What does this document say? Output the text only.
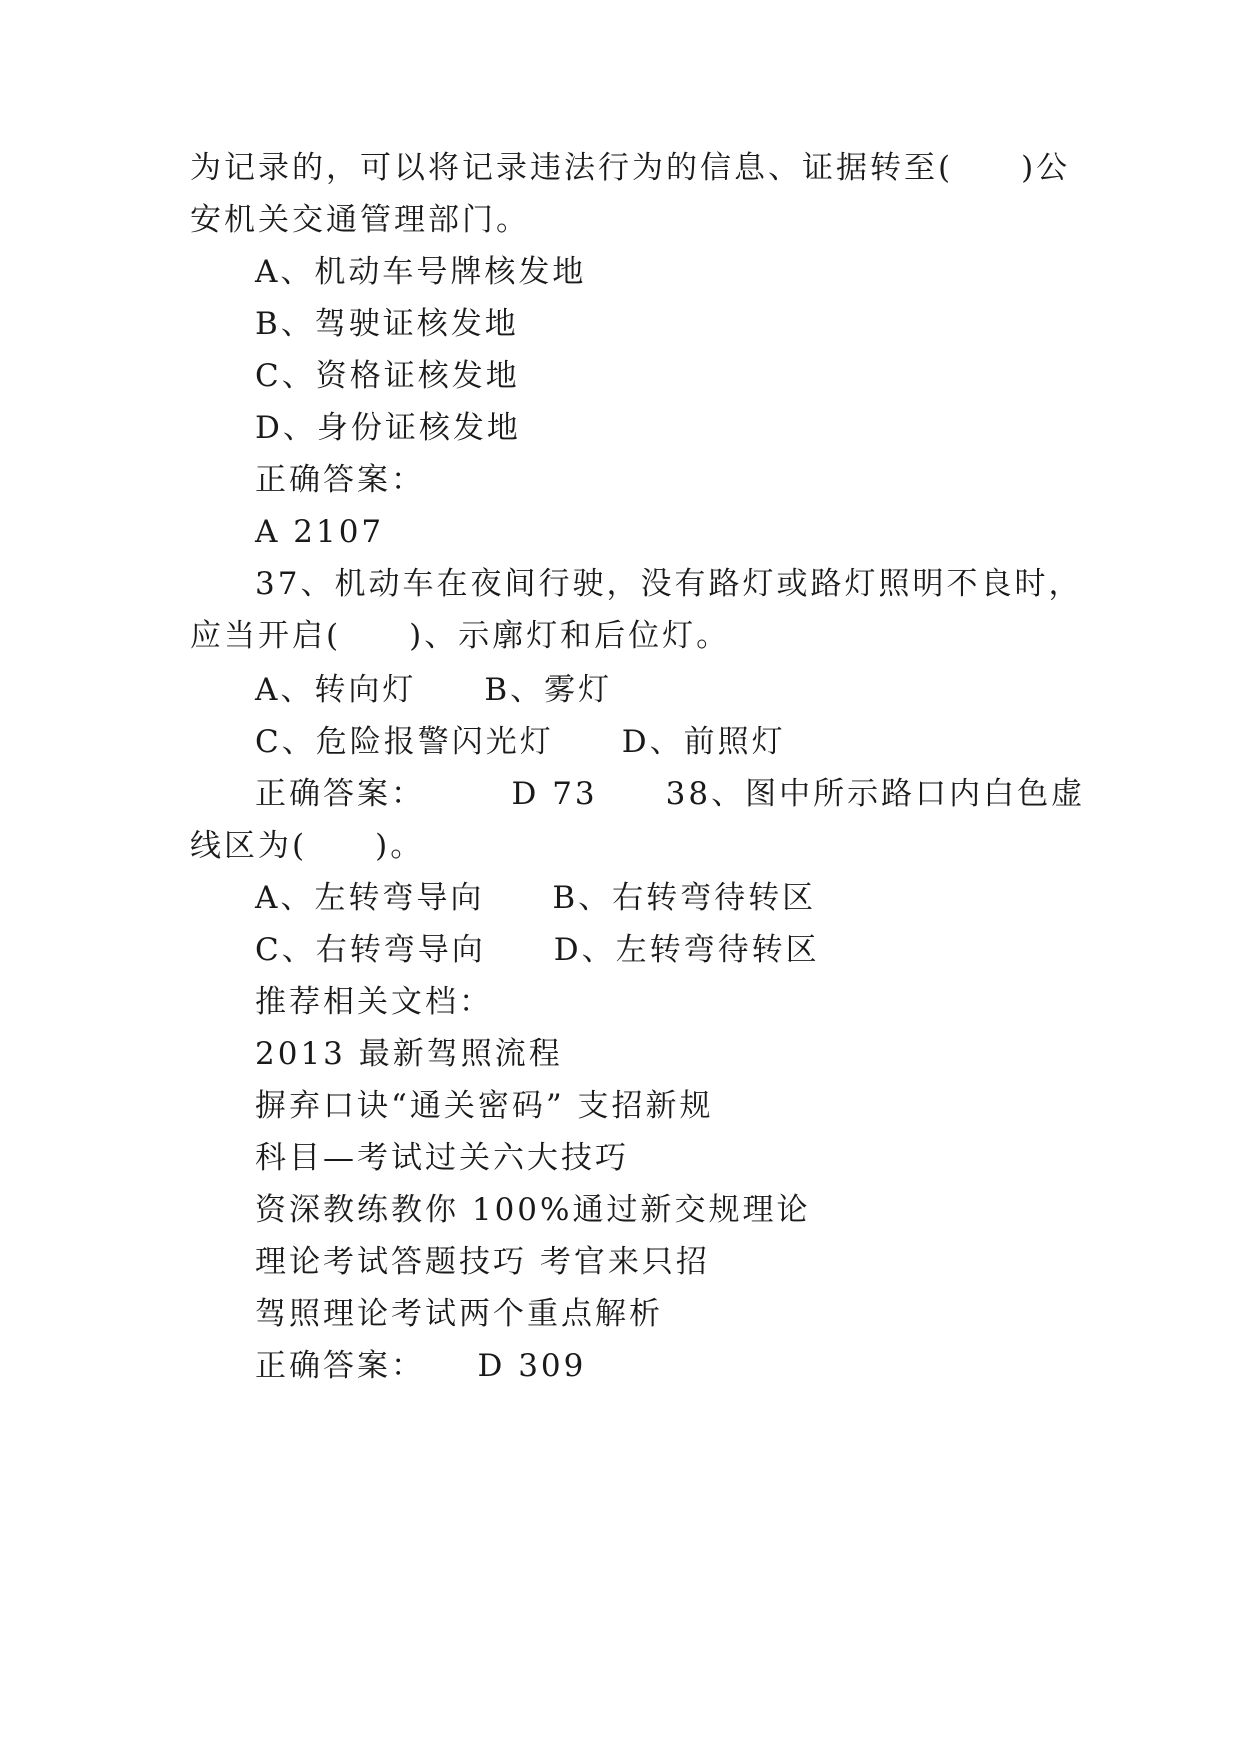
为记录的，可以将记录违法行为的信息、证据转至(　　)公
安机关交通管理部门。
A、机动车号牌核发地
B、驾驶证核发地
C、资格证核发地
D、身份证核发地
正确答案：
A 2107
37、机动车在夜间行驶，没有路灯或路灯照明不良时，
应当开启(　　)、示廓灯和后位灯。
A、转向灯　　B、雾灯
C、危险报警闪光灯　　D、前照灯
正确答案：　　　D 73　　38、图中所示路口内白色虚
线区为(　　)。
A、左转弯导向　　B、右转弯待转区
C、右转弯导向　　D、左转弯待转区
推荐相关文档：
2013 最新驾照流程
摒弃口诀“通关密码” 支招新规
科目—考试过关六大技巧
资深教练教你 100%通过新交规理论
理论考试答题技巧 考官来只招
驾照理论考试两个重点解析
正确答案：　　D 309
